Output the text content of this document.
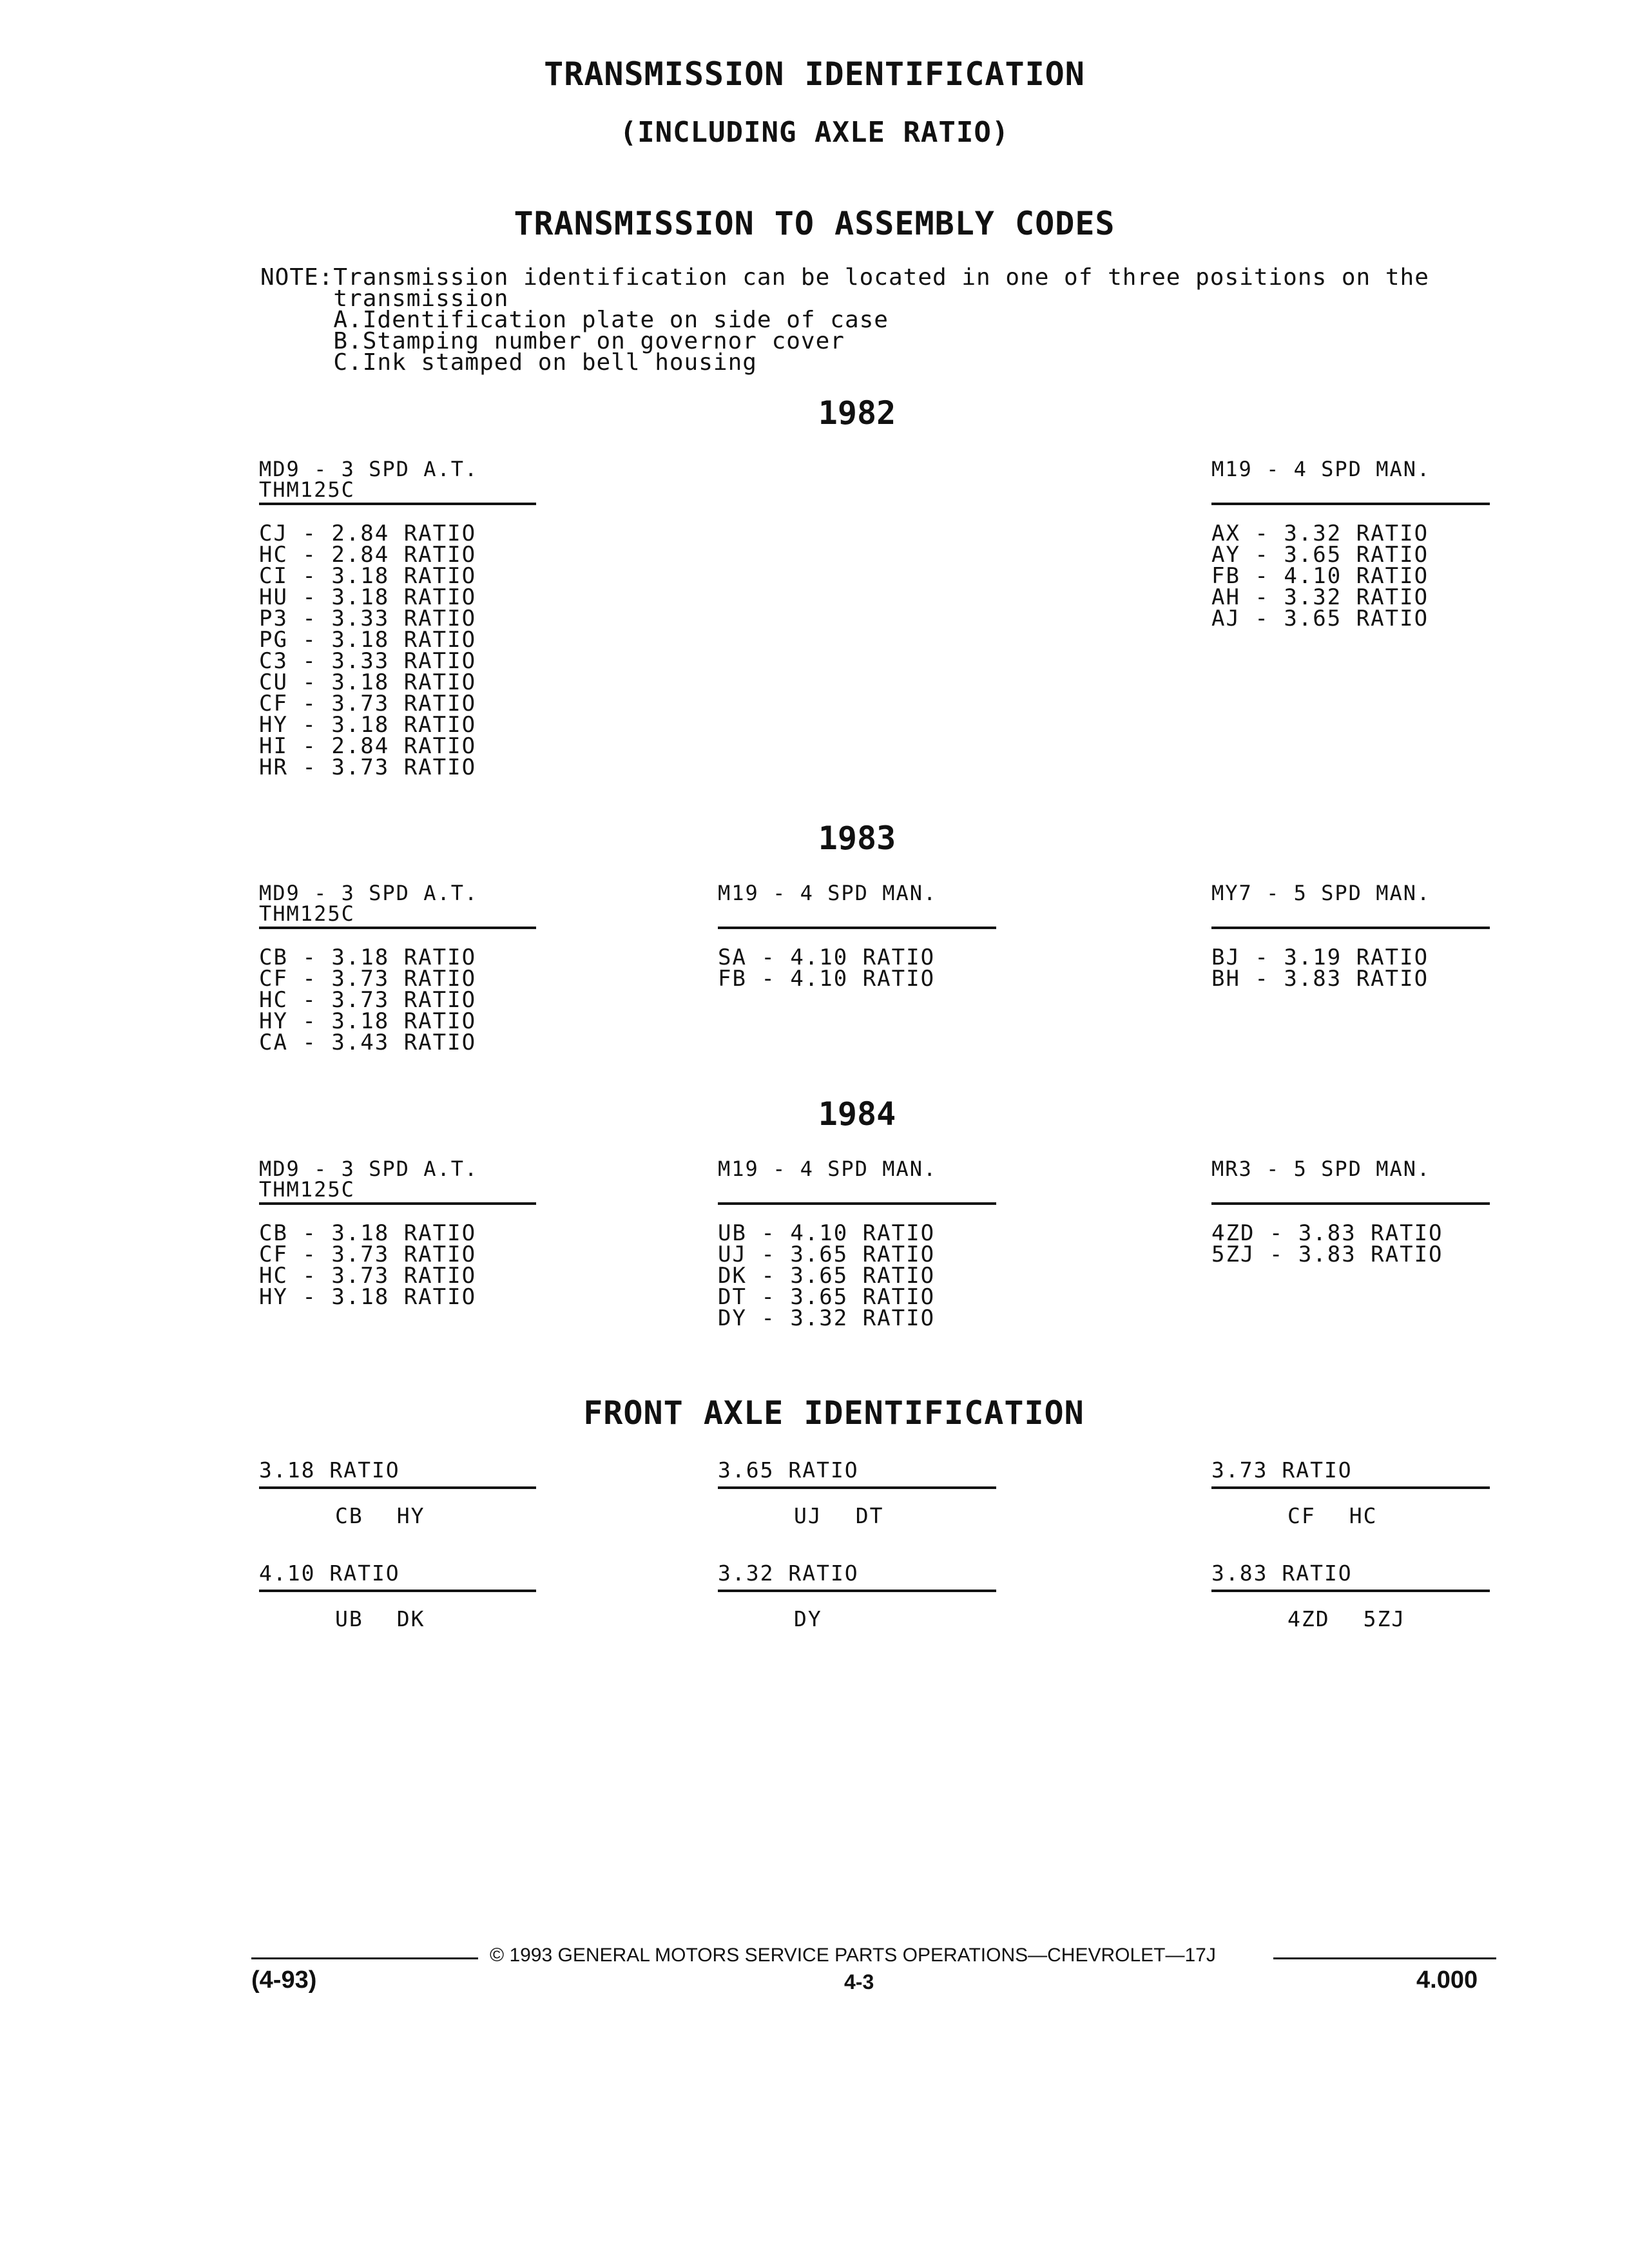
TRANSMISSION IDENTIFICATION
(INCLUDING AXLE RATIO)
TRANSMISSION TO ASSEMBLY CODES
NOTE:Transmission identification can be located in one of three positions on the
transmission
A.Identification plate on side of case
B.Stamping number on governor cover
C.Ink stamped on bell housing
1982
MD9 - 3 SPD A.T.
THM125C
CJ - 2.84 RATIO
HC - 2.84 RATIO
CI - 3.18 RATIO
HU - 3.18 RATIO
P3 - 3.33 RATIO
PG - 3.18 RATIO
C3 - 3.33 RATIO
CU - 3.18 RATIO
CF - 3.73 RATIO
HY - 3.18 RATIO
HI - 2.84 RATIO
HR - 3.73 RATIO
M19 - 4 SPD MAN.
AX - 3.32 RATIO
AY - 3.65 RATIO
FB - 4.10 RATIO
AH - 3.32 RATIO
AJ - 3.65 RATIO
1983
MD9 - 3 SPD A.T.
THM125C
CB - 3.18 RATIO
CF - 3.73 RATIO
HC - 3.73 RATIO
HY - 3.18 RATIO
CA - 3.43 RATIO
M19 - 4 SPD MAN.
SA - 4.10 RATIO
FB - 4.10 RATIO
MY7 - 5 SPD MAN.
BJ - 3.19 RATIO
BH - 3.83 RATIO
1984
MD9 - 3 SPD A.T.
THM125C
CB - 3.18 RATIO
CF - 3.73 RATIO
HC - 3.73 RATIO
HY - 3.18 RATIO
M19 - 4 SPD MAN.
UB - 4.10 RATIO
UJ - 3.65 RATIO
DK - 3.65 RATIO
DT - 3.65 RATIO
DY - 3.32 RATIO
MR3 - 5 SPD MAN.
4ZD - 3.83 RATIO
5ZJ - 3.83 RATIO
FRONT AXLE IDENTIFICATION
3.18 RATIO
CB HY
3.65 RATIO
UJ DT
3.73 RATIO
CF HC
4.10 RATIO
UB DK
3.32 RATIO
DY
3.83 RATIO
4ZD 5ZJ
© 1993 GENERAL MOTORS SERVICE PARTS OPERATIONS—CHEVROLET—17J
(4-93)	4-3	4.000
